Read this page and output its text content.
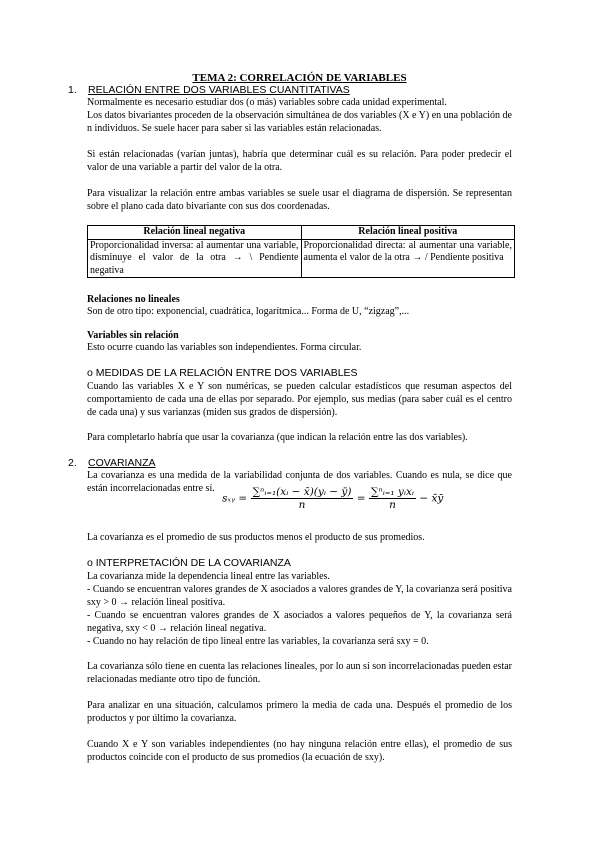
TEMA 2: CORRELACIÓN DE VARIABLES
1. RELACIÓN ENTRE DOS VARIABLES CUANTITATIVAS
Normalmente es necesario estudiar dos (o más) variables sobre cada unidad experimental.
Los datos bivariantes proceden de la observación simultánea de dos variables (X e Y) en una población de n individuos. Se suele hacer para saber si las variables están relacionadas.
Si están relacionadas (varían juntas), habría que determinar cuál es su relación. Para poder predecir el valor de una variable a partir del valor de la otra.
Para visualizar la relación entre ambas variables se suele usar el diagrama de dispersión. Se representan sobre el plano cada dato bivariante con sus dos coordenadas.
Relación lineal negativa	Relación lineal positiva
Proporcionalidad inversa: al aumentar una variable, disminuye el valor de la otra → \ Pendiente negativa	Proporcionalidad directa: al aumentar una variable, aumenta el valor de la otra → / Pendiente positiva
Relaciones no lineales
Son de otro tipo: exponencial, cuadrática, logarítmica... Forma de U, “zigzag”,...
Variables sin relación
Esto ocurre cuando las variables son independientes. Forma circular.
o MEDIDAS DE LA RELACIÓN ENTRE DOS VARIABLES
Cuando las variables X e Y son numéricas, se pueden calcular estadísticos que resuman aspectos del comportamiento de cada una de ellas por separado. Por ejemplo, sus medias (para saber cuál es el centro de cada una) y sus varianzas (miden sus grados de dispersión).
Para completarlo habría que usar la covarianza (que indican la relación entre las dos variables).
2. COVARIANZA
La covarianza es una medida de la variabilidad conjunta de dos variables. Cuando es nula, se dice que están incorrelacionadas entre sí.
sₓᵧ = $\frac{\text{∑ⁿᵢ₌₁(xᵢ − x̄)(yᵢ − ȳ)}}{n} = \frac{\text{∑ⁿᵢ₌₁ yᵢxᵢ}}{n}$ − x̄ȳ
La covarianza es el promedio de sus productos menos el producto de sus promedios.
o INTERPRETACIÓN DE LA COVARIANZA
La covarianza mide la dependencia lineal entre las variables.
- Cuando se encuentran valores grandes de X asociados a valores grandes de Y, la covarianza será positiva sxy > 0 → relación lineal positiva.
- Cuando se encuentran valores grandes de X asociados a valores pequeños de Y, la covarianza será negativa, sxy < 0 → relación lineal negativa.
- Cuando no hay relación de tipo lineal entre las variables, la covarianza será sxy = 0.
La covarianza sólo tiene en cuenta las relaciones lineales, por lo aun si son incorrelacionadas pueden estar relacionadas mediante otro tipo de función.
Para analizar en una situación, calculamos primero la media de cada una. Después el promedio de los productos y por último la covarianza.
Cuando X e Y son variables independientes (no hay ninguna relación entre ellas), el promedio de sus productos coincide con el producto de sus promedios (la ecuación de sxy).
